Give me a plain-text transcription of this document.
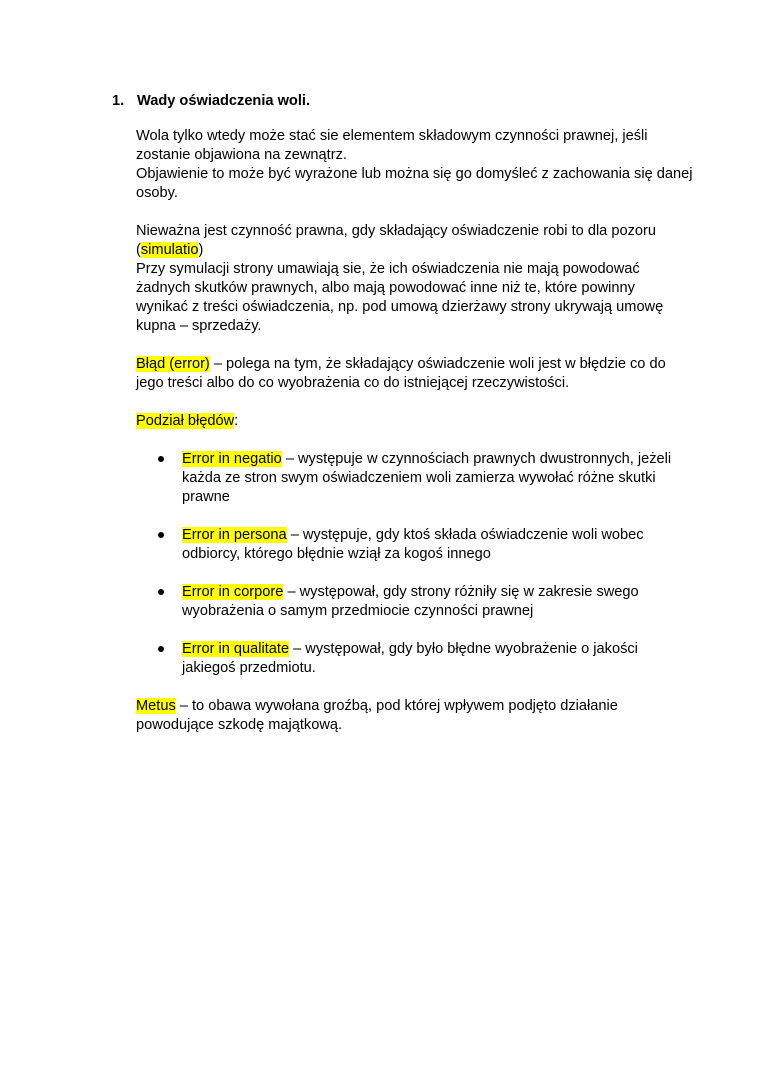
1. Wady oświadczenia woli.

Wola tylko wtedy może stać sie elementem składowym czynności prawnej, jeśli
zostanie objawiona na zewnątrz.
Objawienie to może być wyrażone lub można się go domyśleć z zachowania się danej
osoby.

Nieważna jest czynność prawna, gdy składający oświadczenie robi to dla pozoru
(simulatio)

Przy symulacji strony umawiają sie, że ich oświadczenia nie mają powodować
żadnych skutków prawnych, albo mają powodować inne niż te, które powinny
wynikać z treści oświadczenia, np. pod umową dzierżawy strony ukrywają umowę
kupna – sprzedaży.

Błąd (error) – polega na tym, że składający oświadczenie woli jest w błędzie co do
jego treści albo do co wyobrażenia co do istniejącej rzeczywistości.

Podział błędów:

Error in negatio – występuje w czynnościach prawnych dwustronnych, jeżeli
każda ze stron swym oświadczeniem woli zamierza wywołać różne skutki
prawne
Error in persona – występuje, gdy ktoś składa oświadczenie woli wobec
odbiorcy, którego błędnie wziął za kogoś innego
Error in corpore – występował, gdy strony różniły się w zakresie swego
wyobrażenia o samym przedmiocie czynności prawnej
Error in qualitate – występował, gdy było błędne wyobrażenie o jakości
jakiegoś przedmiotu.

Metus – to obawa wywołana groźbą, pod której wpływem podjęto działanie
powodujące szkodę majątkową.
